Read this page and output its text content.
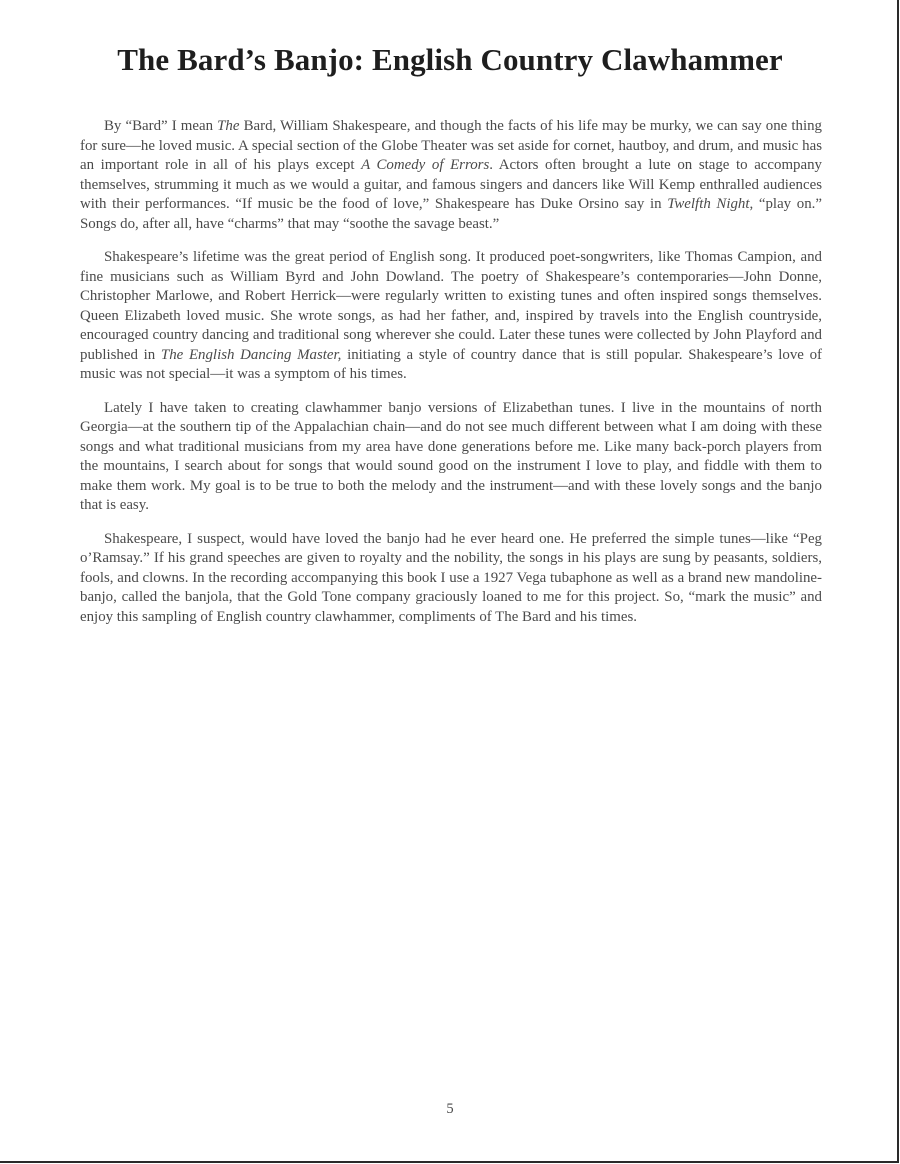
The Bard’s Banjo: English Country Clawhammer

By “Bard” I mean The Bard, William Shakespeare, and though the facts of his life may be murky, we can say one thing for sure—he loved music. A special section of the Globe Theater was set aside for cornet, hautboy, and drum, and music has an important role in all of his plays except A Comedy of Errors. Actors often brought a lute on stage to accompany themselves, strumming it much as we would a guitar, and famous singers and dancers like Will Kemp enthralled audiences with their performances. “If music be the food of love,” Shakespeare has Duke Orsino say in Twelfth Night, “play on.” Songs do, after all, have “charms” that may “soothe the savage beast.”

Shakespeare’s lifetime was the great period of English song. It produced poet-songwriters, like Thomas Campion, and fine musicians such as William Byrd and John Dowland. The poetry of Shakespeare’s contemporaries—John Donne, Christopher Marlowe, and Robert Herrick—were regularly written to existing tunes and often inspired songs themselves. Queen Elizabeth loved music. She wrote songs, as had her father, and, inspired by travels into the English countryside, encouraged country dancing and traditional song wherever she could. Later these tunes were collected by John Playford and published in The English Dancing Master, initiating a style of country dance that is still popular. Shakespeare’s love of music was not special—it was a symptom of his times.

Lately I have taken to creating clawhammer banjo versions of Elizabethan tunes. I live in the mountains of north Georgia—at the southern tip of the Appalachian chain—and do not see much different between what I am doing with these songs and what traditional musicians from my area have done generations before me. Like many back-porch players from the mountains, I search about for songs that would sound good on the instrument I love to play, and fiddle with them to make them work. My goal is to be true to both the melody and the instrument—and with these lovely songs and the banjo that is easy.

Shakespeare, I suspect, would have loved the banjo had he ever heard one. He preferred the simple tunes—like “Peg o’Ramsay.” If his grand speeches are given to royalty and the nobility, the songs in his plays are sung by peasants, soldiers, fools, and clowns. In the recording accompanying this book I use a 1927 Vega tubaphone as well as a brand new mandoline-banjo, called the banjola, that the Gold Tone company graciously loaned to me for this project. So, “mark the music” and enjoy this sampling of English country clawhammer, compliments of The Bard and his times.

5
